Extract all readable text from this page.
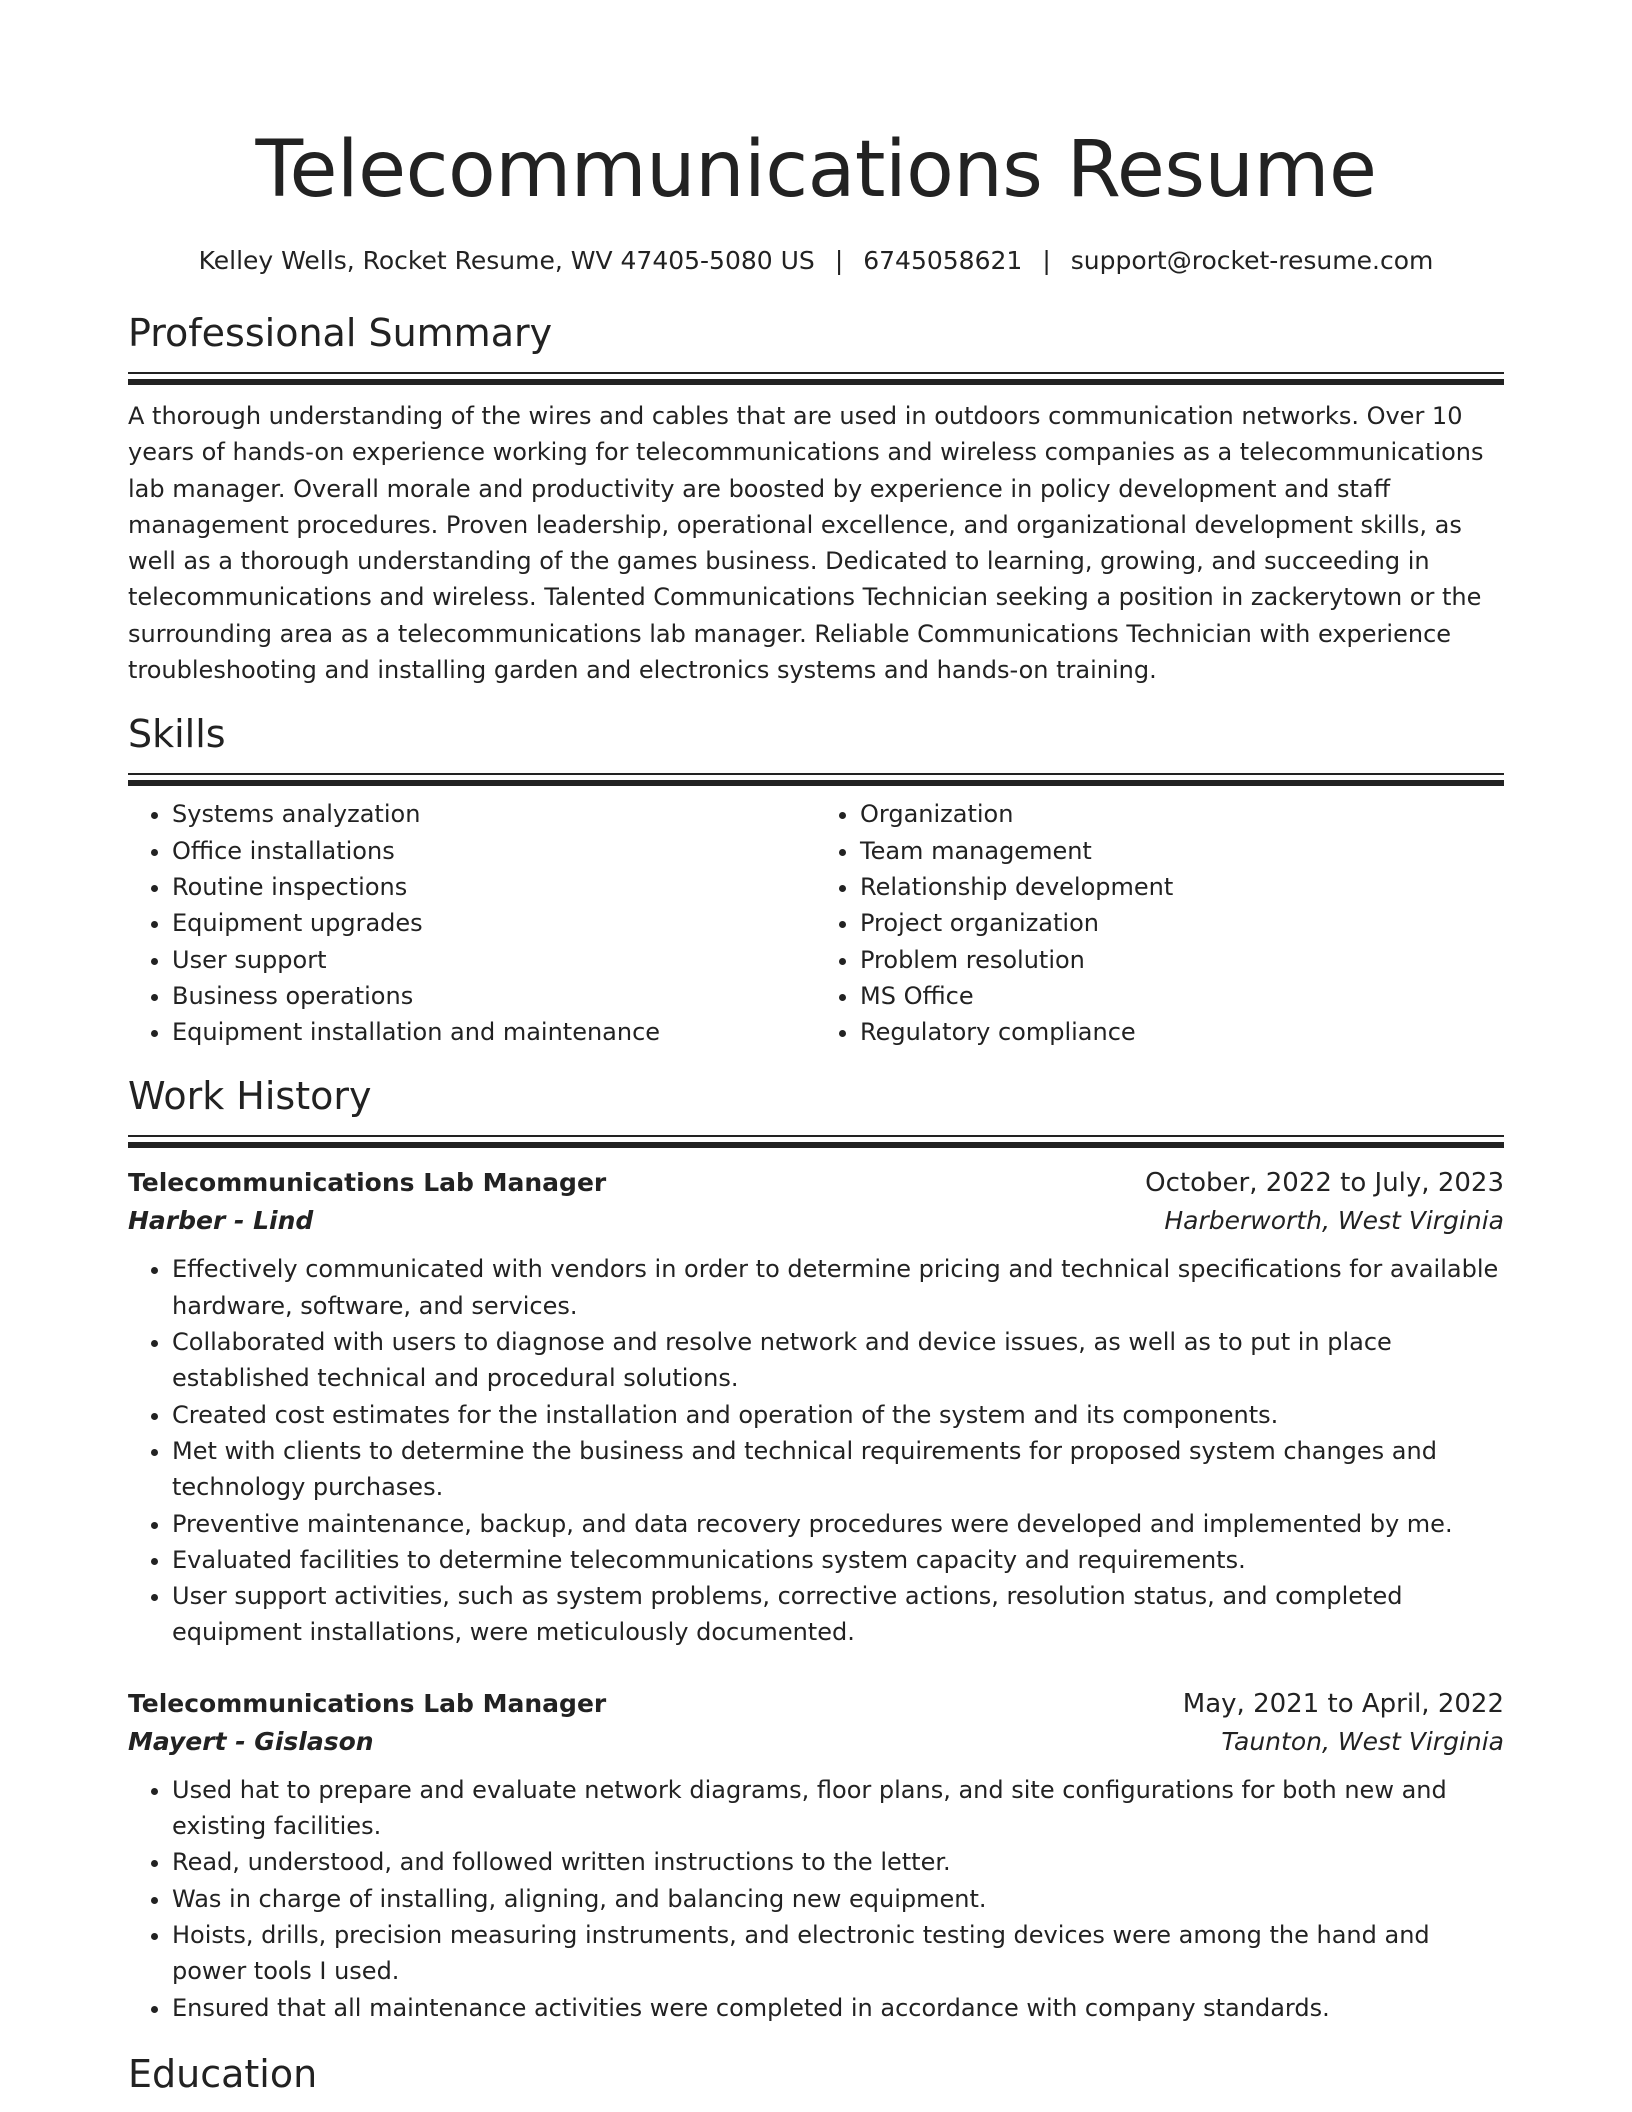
Telecommunications Resume
Kelley Wells, Rocket Resume, WV 47405-5080 US | 6745058621 | support@rocket-resume.com
Professional Summary

A thorough understanding of the wires and cables that are used in outdoors communication networks. Over 10 years of hands-on experience working for telecommunications and wireless companies as a telecommunications lab manager. Overall morale and productivity are boosted by experience in policy development and staff management procedures. Proven leadership, operational excellence, and organizational development skills, as well as a thorough understanding of the games business. Dedicated to learning, growing, and succeeding in telecommunications and wireless. Talented Communications Technician seeking a position in zackerytown or the surrounding area as a telecommunications lab manager. Reliable Communications Technician with experience troubleshooting and installing garden and electronics systems and hands-on training.

Skills
• Systems analyzation
• Office installations
• Routine inspections
• Equipment upgrades
• User support
• Business operations
• Equipment installation and maintenance
• Organization
• Team management
• Relationship development
• Project organization
• Problem resolution
• MS Office
• Regulatory compliance
Work History
Telecommunications Lab Manager	October, 2022 to July, 2023
Harber - Lind	Harberworth, West Virginia
• Effectively communicated with vendors in order to determine pricing and technical specifications for available hardware, software, and services.
• Collaborated with users to diagnose and resolve network and device issues, as well as to put in place established technical and procedural solutions.
• Created cost estimates for the installation and operation of the system and its components.
• Met with clients to determine the business and technical requirements for proposed system changes and technology purchases.
• Preventive maintenance, backup, and data recovery procedures were developed and implemented by me.
• Evaluated facilities to determine telecommunications system capacity and requirements.
• User support activities, such as system problems, corrective actions, resolution status, and completed equipment installations, were meticulously documented.
Telecommunications Lab Manager	May, 2021 to April, 2022
Mayert - Gislason	Taunton, West Virginia
• Used hat to prepare and evaluate network diagrams, floor plans, and site configurations for both new and existing facilities.
• Read, understood, and followed written instructions to the letter.
• Was in charge of installing, aligning, and balancing new equipment.
• Hoists, drills, precision measuring instruments, and electronic testing devices were among the hand and power tools I used.
• Ensured that all maintenance activities were completed in accordance with company standards.
Education
